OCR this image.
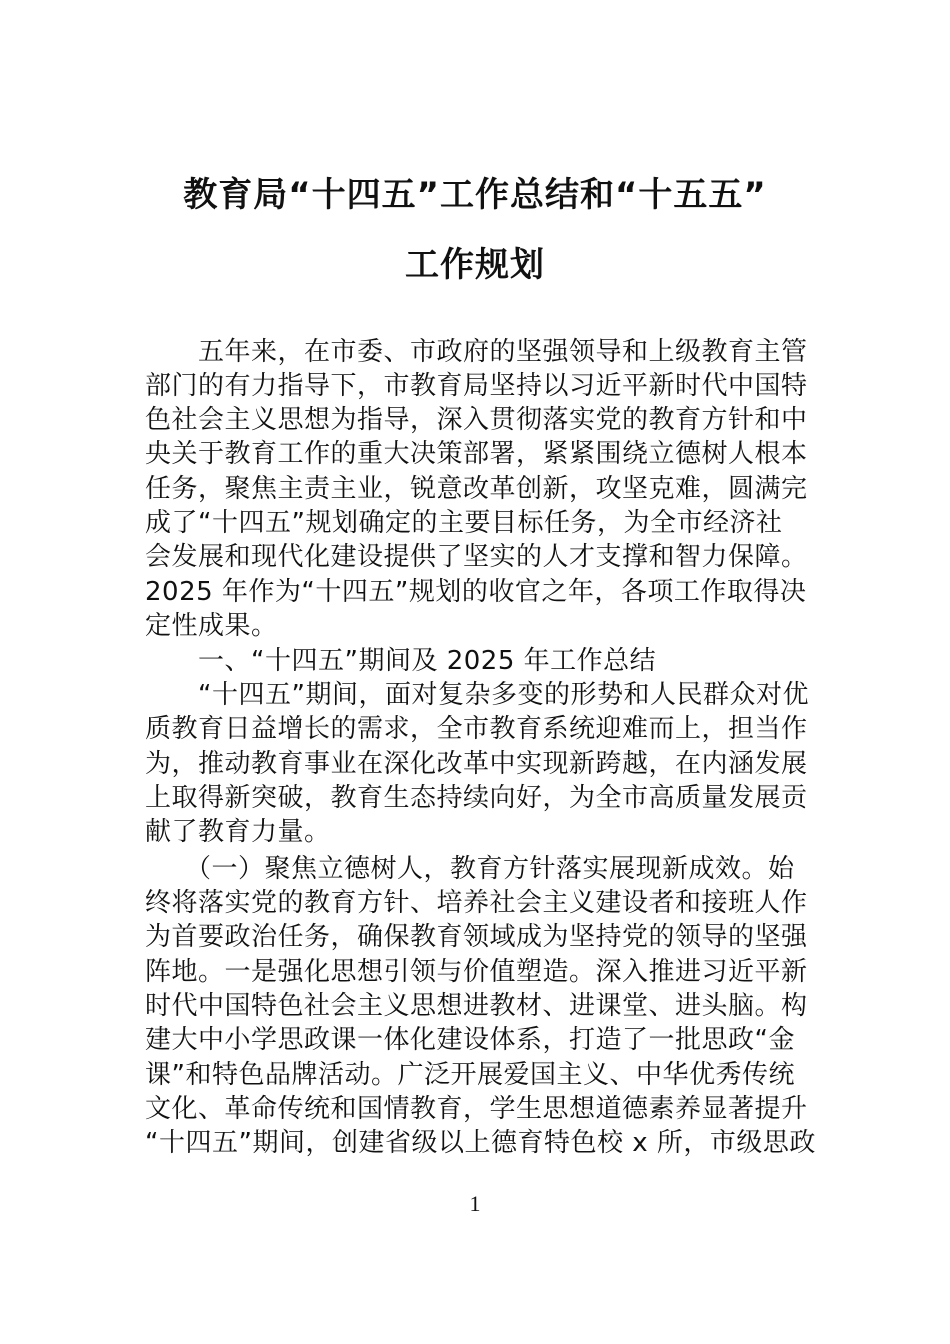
教育局“十四五”工作总结和“十五五”
工作规划
　　五年来，在市委、市政府的坚强领导和上级教育主管
部门的有力指导下，市教育局坚持以习近平新时代中国特
色社会主义思想为指导，深入贯彻落实党的教育方针和中
央关于教育工作的重大决策部署，紧紧围绕立德树人根本
任务，聚焦主责主业，锐意改革创新，攻坚克难，圆满完
成了“十四五”规划确定的主要目标任务，为全市经济社
会发展和现代化建设提供了坚实的人才支撑和智力保障。
2025 年作为“十四五”规划的收官之年，各项工作取得决
定性成果。
　　一、“十四五”期间及 2025 年工作总结
　　“十四五”期间，面对复杂多变的形势和人民群众对优
质教育日益增长的需求，全市教育系统迎难而上，担当作
为，推动教育事业在深化改革中实现新跨越，在内涵发展
上取得新突破，教育生态持续向好，为全市高质量发展贡
献了教育力量。
　　（一）聚焦立德树人，教育方针落实展现新成效。始
终将落实党的教育方针、培养社会主义建设者和接班人作
为首要政治任务，确保教育领域成为坚持党的领导的坚强
阵地。一是强化思想引领与价值塑造。深入推进习近平新
时代中国特色社会主义思想进教材、进课堂、进头脑。构
建大中小学思政课一体化建设体系，打造了一批思政“金
课”和特色品牌活动。广泛开展爱国主义、中华优秀传统
文化、革命传统和国情教育，学生思想道德素养显著提升
“十四五”期间，创建省级以上德育特色校 x 所，市级思政
1
